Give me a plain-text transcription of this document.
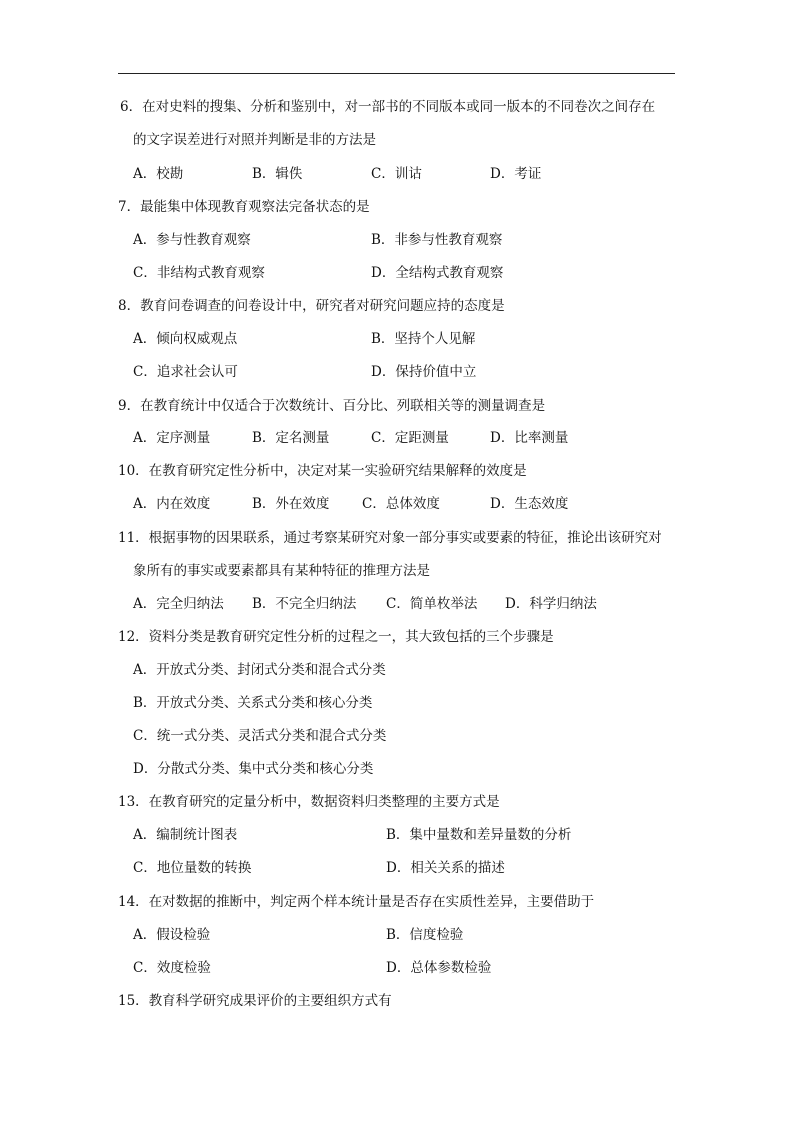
6．在对史料的搜集、分析和鉴别中，对一部书的不同版本或同一版本的不同卷次之间存在
的文字误差进行对照并判断是非的方法是
A．校勘	B．辑佚	C．训诂	D．考证
7．最能集中体现教育观察法完备状态的是
A．参与性教育观察	B．非参与性教育观察
C．非结构式教育观察	D．全结构式教育观察
8．教育问卷调查的问卷设计中，研究者对研究问题应持的态度是
A．倾向权威观点	B．坚持个人见解
C．追求社会认可	D．保持价值中立
9．在教育统计中仅适合于次数统计、百分比、列联相关等的测量调查是
A．定序测量	B．定名测量	C．定距测量	D．比率测量
10．在教育研究定性分析中，决定对某一实验研究结果解释的效度是
A．内在效度	B．外在效度 C．总体效度	D．生态效度
11．根据事物的因果联系，通过考察某研究对象一部分事实或要素的特征，推论出该研究对
象所有的事实或要素都具有某种特征的推理方法是
A．完全归纳法 B．不完全归纳法 C．简单枚举法 D．科学归纳法
12．资料分类是教育研究定性分析的过程之一，其大致包括的三个步骤是
A．开放式分类、封闭式分类和混合式分类
B．开放式分类、关系式分类和核心分类
C．统一式分类、灵活式分类和混合式分类
D．分散式分类、集中式分类和核心分类
13．在教育研究的定量分析中，数据资料归类整理的主要方式是
A．编制统计图表	B．集中量数和差异量数的分析
C．地位量数的转换	D．相关关系的描述
14．在对数据的推断中，判定两个样本统计量是否存在实质性差异，主要借助于
A．假设检验	B．信度检验
C．效度检验	D．总体参数检验
15．教育科学研究成果评价的主要组织方式有
